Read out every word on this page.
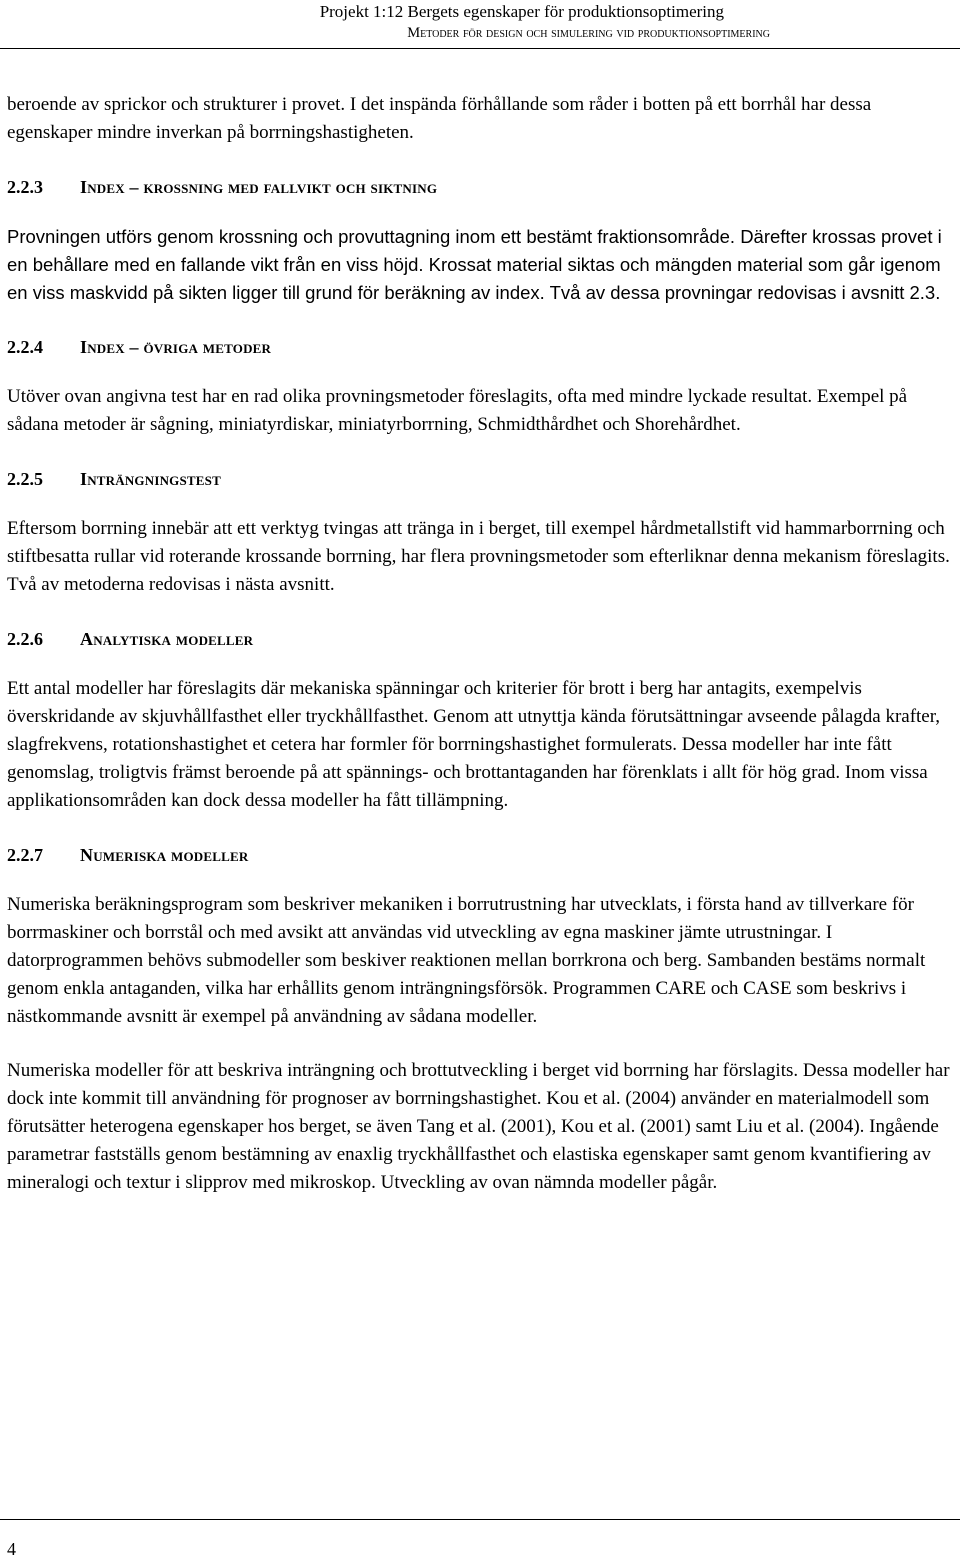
Projekt 1:12 Bergets egenskaper för produktionsoptimering
Metoder för design och simulering vid produktionsoptimering

beroende av sprickor och strukturer i provet. I det inspända förhållande som råder i botten på ett borrhål har dessa egenskaper mindre inverkan på borrningshastigheten.

2.2.3 Index – krossning med fallvikt och siktning

Provningen utförs genom krossning och provuttagning inom ett bestämt fraktionsområde. Därefter krossas provet i en behållare med en fallande vikt från en viss höjd. Krossat material siktas och mängden material som går igenom en viss maskvidd på sikten ligger till grund för beräkning av index. Två av dessa provningar redovisas i avsnitt 2.3.

2.2.4 Index – övriga metoder

Utöver ovan angivna test har en rad olika provningsmetoder föreslagits, ofta med mindre lyckade resultat. Exempel på sådana metoder är sågning, miniatyrdiskar, miniatyrborrning, Schmidthårdhet och Shorehårdhet.

2.2.5 Inträngningstest

Eftersom borrning innebär att ett verktyg tvingas att tränga in i berget, till exempel hårdmetallstift vid hammarborrning och stiftbesatta rullar vid roterande krossande borrning, har flera provningsmetoder som efterliknar denna mekanism föreslagits. Två av metoderna redovisas i nästa avsnitt.

2.2.6 Analytiska modeller

Ett antal modeller har föreslagits där mekaniska spänningar och kriterier för brott i berg har antagits, exempelvis överskridande av skjuvhållfasthet eller tryckhållfasthet. Genom att utnyttja kända förutsättningar avseende pålagda krafter, slagfrekvens, rotationshastighet et cetera har formler för borrningshastighet formulerats. Dessa modeller har inte fått genomslag, troligtvis främst beroende på att spännings- och brottantaganden har förenklats i allt för hög grad. Inom vissa applikationsområden kan dock dessa modeller ha fått tillämpning.

2.2.7 Numeriska modeller

Numeriska beräkningsprogram som beskriver mekaniken i borrutrustning har utvecklats, i första hand av tillverkare för borrmaskiner och borrstål och med avsikt att användas vid utveckling av egna maskiner jämte utrustningar. I datorprogrammen behövs submodeller som beskiver reaktionen mellan borrkrona och berg. Sambanden bestäms normalt genom enkla antaganden, vilka har erhållits genom inträngningsförsök. Programmen CARE och CASE som beskrivs i nästkommande avsnitt är exempel på användning av sådana modeller.

Numeriska modeller för att beskriva inträngning och brottutveckling i berget vid borrning har förslagits. Dessa modeller har dock inte kommit till användning för prognoser av borrningshastighet. Kou et al. (2004) använder en materialmodell som förutsätter heterogena egenskaper hos berget, se även Tang et al. (2001), Kou et al. (2001) samt Liu et al. (2004). Ingående parametrar fastställs genom bestämning av enaxlig tryckhållfasthet och elastiska egenskaper samt genom kvantifiering av mineralogi och textur i slipprov med mikroskop. Utveckling av ovan nämnda modeller pågår.

4
